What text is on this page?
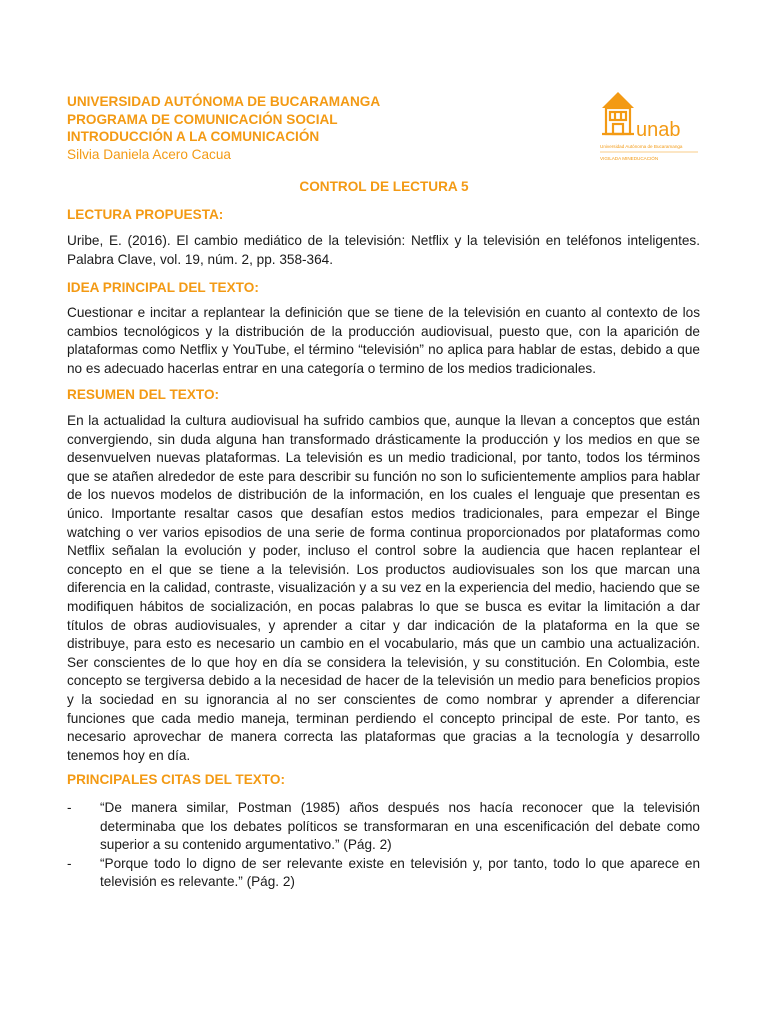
UNIVERSIDAD AUTÓNOMA DE BUCARAMANGA
PROGRAMA DE COMUNICACIÓN SOCIAL
INTRODUCCIÓN A LA COMUNICACIÓN
Silvia Daniela Acero Cacua
unab
Universidad Autónoma de Bucaramanga
VIGILADA MINEDUCACIÓN
CONTROL DE LECTURA 5
LECTURA PROPUESTA:
Uribe, E. (2016). El cambio mediático de la televisión: Netflix y la televisión en teléfonos inteligentes. Palabra Clave, vol. 19, núm. 2, pp. 358-364.
IDEA PRINCIPAL DEL TEXTO:
Cuestionar e incitar a replantear la definición que se tiene de la televisión en cuanto al contexto de los cambios tecnológicos y la distribución de la producción audiovisual, puesto que, con la aparición de plataformas como Netflix y YouTube, el término “televisión” no aplica para hablar de estas, debido a que no es adecuado hacerlas entrar en una categoría o termino de los medios tradicionales.
RESUMEN DEL TEXTO:
En la actualidad la cultura audiovisual ha sufrido cambios que, aunque la llevan a conceptos que están convergiendo, sin duda alguna han transformado drásticamente la producción y los medios en que se desenvuelven nuevas plataformas. La televisión es un medio tradicional, por tanto, todos los términos que se atañen alrededor de este para describir su función no son lo suficientemente amplios para hablar de los nuevos modelos de distribución de la información, en los cuales el lenguaje que presentan es único. Importante resaltar casos que desafían estos medios tradicionales, para empezar el Binge watching o ver varios episodios de una serie de forma continua proporcionados por plataformas como Netflix señalan la evolución y poder, incluso el control sobre la audiencia que hacen replantear el concepto en el que se tiene a la televisión. Los productos audiovisuales son los que marcan una diferencia en la calidad, contraste, visualización y a su vez en la experiencia del medio, haciendo que se modifiquen hábitos de socialización, en pocas palabras lo que se busca es evitar la limitación a dar títulos de obras audiovisuales, y aprender a citar y dar indicación de la plataforma en la que se distribuye, para esto es necesario un cambio en el vocabulario, más que un cambio una actualización. Ser conscientes de lo que hoy en día se considera la televisión, y su constitución. En Colombia, este concepto se tergiversa debido a la necesidad de hacer de la televisión un medio para beneficios propios y la sociedad en su ignorancia al no ser conscientes de como nombrar y aprender a diferenciar funciones que cada medio maneja, terminan perdiendo el concepto principal de este. Por tanto, es necesario aprovechar de manera correcta las plataformas que gracias a la tecnología y desarrollo tenemos hoy en día.
PRINCIPALES CITAS DEL TEXTO:
-	“De manera similar, Postman (1985) años después nos hacía reconocer que la televisión determinaba que los debates políticos se transformaran en una escenificación del debate como superior a su contenido argumentativo.” (Pág. 2)
-	“Porque todo lo digno de ser relevante existe en televisión y, por tanto, todo lo que aparece en televisión es relevante.” (Pág. 2)
